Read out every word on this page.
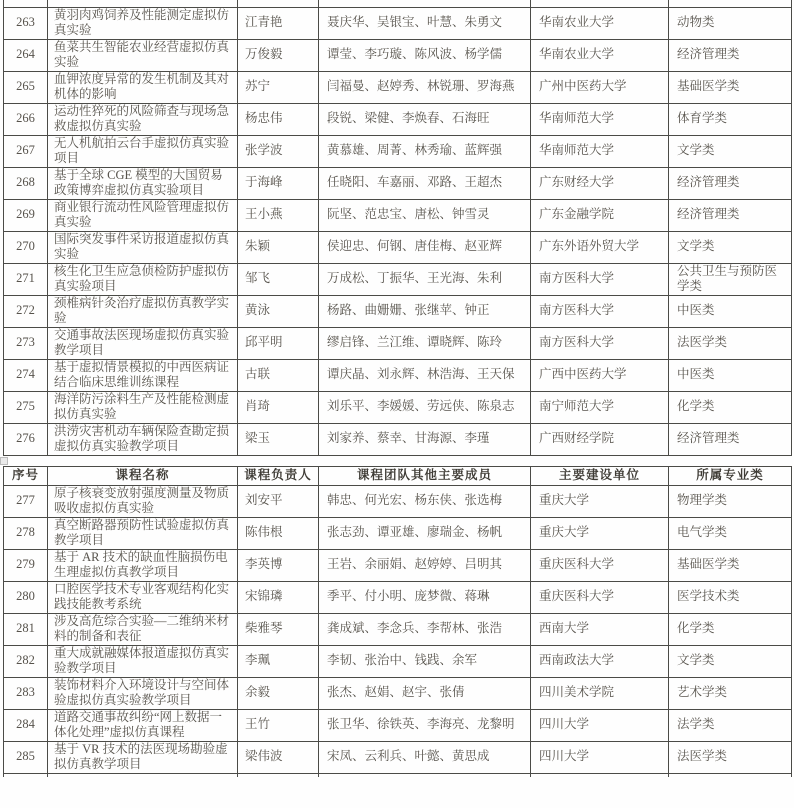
263	黄羽肉鸡饲养及性能测定虚拟仿真实验	江青艳	聂庆华、吴银宝、叶慧、朱勇文	华南农业大学	动物类
264	鱼菜共生智能农业经营虚拟仿真实验	万俊毅	谭莹、李巧璇、陈风波、杨学儒	华南农业大学	经济管理类
265	血钾浓度异常的发生机制及其对机体的影响	苏宁	闫福曼、赵婷秀、林锐珊、罗海燕	广州中医药大学	基础医学类
266	运动性猝死的风险筛查与现场急救虚拟仿真实验	杨忠伟	段锐、梁健、李焕春、石海旺	华南师范大学	体育学类
267	无人机航拍云台手虚拟仿真实验项目	张学波	黄慕雄、周菁、林秀瑜、蓝辉强	华南师范大学	文学类
268	基于全球 CGE 模型的大国贸易政策博弈虚拟仿真实验项目	于海峰	任晓阳、车嘉丽、邓路、王超杰	广东财经大学	经济管理类
269	商业银行流动性风险管理虚拟仿真实验	王小燕	阮坚、范忠宝、唐松、钟雪灵	广东金融学院	经济管理类
270	国际突发事件采访报道虚拟仿真实验	朱颖	侯迎忠、何钢、唐佳梅、赵亚辉	广东外语外贸大学	文学类
271	核生化卫生应急侦检防护虚拟仿真实验项目	邹飞	万成松、丁振华、王光海、朱利	南方医科大学	公共卫生与预防医学类
272	颈椎病针灸治疗虚拟仿真教学实验	黄泳	杨路、曲姗姗、张继苹、钟正	南方医科大学	中医类
273	交通事故法医现场虚拟仿真实验教学项目	邱平明	缪启锋、兰江维、谭晓辉、陈玲	南方医科大学	法医学类
274	基于虚拟情景模拟的中西医病证结合临床思维训练课程	古联	谭庆晶、刘永辉、林浩海、王天保	广西中医药大学	中医类
275	海洋防污涂料生产及性能检测虚拟仿真实验	肖琦	刘乐平、李媛媛、劳远侠、陈泉志	南宁师范大学	化学类
276	洪涝灾害机动车辆保险查勘定损虚拟仿真实验教学项目	梁玉	刘家养、蔡幸、甘海源、李瑾	广西财经学院	经济管理类
序号	课程名称	课程负责人	课程团队其他主要成员	主要建设单位	所属专业类
277	原子核衰变放射强度测量及物质吸收虚拟仿真实验	刘安平	韩忠、何光宏、杨东侠、张选梅	重庆大学	物理学类
278	真空断路器预防性试验虚拟仿真教学项目	陈伟根	张志劲、谭亚雄、廖瑞金、杨帆	重庆大学	电气学类
279	基于 AR 技术的缺血性脑损伤电生理虚拟仿真教学项目	李英博	王岩、余丽娟、赵婷婷、吕明其	重庆医科大学	基础医学类
280	口腔医学技术专业客观结构化实践技能教考系统	宋锦璘	季平、付小明、庞梦微、蒋琳	重庆医科大学	医学技术类
281	涉及高危综合实验—二维纳米材料的制备和表征	柴雅琴	龚成斌、李念兵、李帮林、张浩	西南大学	化学类
282	重大成就融媒体报道虚拟仿真实验教学项目	李珮	李韧、张治中、钱践、余军	西南政法大学	文学类
283	装饰材料介入环境设计与空间体验虚拟仿真实验教学项目	余毅	张杰、赵娟、赵宇、张倩	四川美术学院	艺术学类
284	道路交通事故纠纷“网上数据一体化处理”虚拟仿真课程	王竹	张卫华、徐铁英、李海亮、龙黎明	四川大学	法学类
285	基于 VR 技术的法医现场勘验虚拟仿真教学项目	梁伟波	宋凤、云利兵、叶懿、黄思成	四川大学	法医学类
